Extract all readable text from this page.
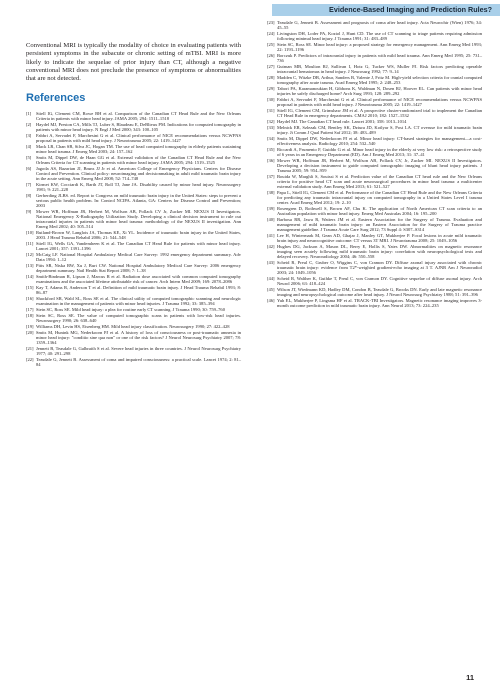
Evidence-Based Imaging and Prediction Rules?

Conventional MRI is typically the modality of choice in evaluating patients with persistent symptoms in the subacute or chronic setting of mTBI. MRI is more likely to indicate the sequelae of prior injury than CT, although a negative conventional MRI does not preclude the presence of symptoms or abnormalities that are not detected.

References
[1]	Stiell IG, Clement CM, Rowe BH et al. Comparison of the Canadian CT Head Rule and the New Orleans Criteria in patients with minor head injury. JAMA 2005; 294: 1511–1518
[2]	Haydel MJ, Preston CA, Mills TJ, Luber S, Blaudeau E, DeBlieux PM. Indications for computed tomography in patients with minor head injury. N Engl J Med 2000; 343: 100–105
[3]	Fabbri A, Servadei F, Marchesini G et al. Clinical performance of NICE recommendations versus NCWFNS proposal in patients with mild head injury. J Neurotrauma 2005; 22: 1419–1427
[4]	Mack LR, Chan SB, Silva JC, Hogan TM. The use of head computed tomography in elderly patients sustaining minor head trauma. J Emerg Med 2003; 24: 157–162
[5]	Smits M, Dippel DW, de Haan GG et al. External validation of the Canadian CT Head Rule and the New Orleans Criteria for CT scanning in patients with minor head injury. JAMA 2005; 294: 1519–1525
[6]	Jagoda AS, Bazarian JJ, Bruns JJ Jr et al. American College of Emergency Physicians. Centers for Disease Control and Prevention. Clinical policy: neuroimaging and decisionmaking in adult mild traumatic brain injury in the acute setting. Ann Emerg Med 2008; 52: 714–748
[7]	Kirmet KW, Cocciardi K, Barth JT, Roll TJ, Jane JA. Disability caused by minor head injury. Neurosurgery 1981; 9: 221–228
[8]	Gerberding JLBS. ed. Report to Congress on mild traumatic brain injury in the United States: steps to prevent a serious public health problem. In: Control NCIPA. Atlanta, GA: Centers for Disease Control and Prevention; 2003
[9]	Mower WR, Hoffman JR, Herbert M, Wolfson AB, Pollack CV Jr, Zucker MI. NEXUS II Investigators. National Emergency X-Radiography Utilization Study. Developing a clinical decision instrument to rule out intracranial injuries in patients with minor head trauma: methodology of the NEXUS II investigation. Ann Emerg Med 2002; 40: 505–514
[10] Rutland-Brown W, Langlois JA, Thomas KE, Xi YL. Incidence of traumatic brain injury in the United States, 2003. J Head Trauma Rehabil 2006; 21: 544–548
[11] Stiell IG, Wells GA, Vandemheen K et al. The Canadian CT Head Rule for patients with minor head injury. Lancet 2001; 357: 1391–1396
[12] McCaig LF. National Hospital Ambulatory Medical Care Survey: 1992 emergency department summary. Adv Data 1994: 1–12
[13] Pitts SR, Niska RW, Xu J, Burt CW. National Hospital Ambulatory Medical Care Survey: 2006 emergency department summary. Natl Health Stat Report 2008; 7: 1–38
[14] Smith-Bindman R, Lipson J, Marcus R et al. Radiation dose associated with common computed tomography examinations and the associated lifetime attributable risk of cancer. Arch Intern Med 2009; 169: 2078–2086
[15] Kay T, Adams R, Anderson T et al. Definition of mild traumatic brain injury. J Head Trauma Rehabil 1993; 8: 86–87
[16] Shackford SR, Wald SL, Ross SE et al. The clinical utility of computed tomographic scanning and neurologic examination in the management of patients with minor head injuries. J Trauma 1992; 33: 385–394
[17] Stein SC, Ross SE. Mild head injury: a plea for routine early CT scanning. J Trauma 1990; 30: 759–760
[18] Stein SC, Ross SE. The value of computed tomographic scans in patients with low-risk head injuries. Neurosurgery 1990; 26: 638–640
[19] Williams DH, Levin HS, Eisenberg HM. Mild head injury classification. Neurosurgery 1990; 27: 422–428
[20] Smits M, Hunink MG, Nederkoorn PJ et al. A history of loss of consciousness or post-traumatic amnesia in minor head injury: "conditio sine qua non" or one of the risk factors? J Neurol Neurosurg Psychiatry 2007; 78: 1359–1364
[21] Jennett B, Teasdale G, Galbraith S et al. Severe head injuries in three countries. J Neurol Neurosurg Psychiatry 1977; 40: 291–298
[22] Teasdale G, Jennett B. Assessment of coma and impaired consciousness: a practical scale. Lancet 1974; 2: 81–84
[23] Teasdale G, Jennett B. Assessment and prognosis of coma after head injury. Acta Neurochir (Wien) 1976; 34: 45–55
[24] Livingston DH, Loder PA, Koziol J, Hunt CD. The use of CT scanning to triage patients requiring admission following minimal head injury. J Trauma 1991; 31: 483–489
[25] Stein SC, Ross SE. Minor head injury: a proposed strategy for emergency management. Ann Emerg Med 1993; 22: 1193–1196
[26] Borczuk P. Predictors of intracranial injury in patients with mild head trauma. Ann Emerg Med 1995; 25: 731–736
[27] Gutman MB, Moulton RJ, Sullivan I, Hotz G, Tucker WS, Muller PJ. Risk factors predicting operable intracranial hematomas in head injury. J Neurosurg 1992; 77: 9–14
[28] Madden C, Witzke DB, Arthur, Sanders B, Valente J, Fritz M. High-yield selection criteria for cranial computed tomography after acute trauma. Acad Emerg Med 1995; 2: 248–253
[29] Tabori PA, Karamanoukian H, Gibbons K, Waldman N, Dosen RJ, Hoover EL. Can patients with minor head injuries be safely discharged home? Arch Surg 1993; 128: 289–292
[30] Fabbri A, Servadei F, Marchesini G et al. Clinical performance of NICE recommendations versus NCWFNS proposal in patients with mild head injury. J Neurotrauma 2005; 22: 1419–1427
[31] Stiell IG, Clement CM, Grimshaw JM et al. A prospective cluster-randomized trial to implement the Canadian CT Head Rule in emergency departments. CMAJ 2010; 182: 1527–1532
[32] Haydel MJ. The Canadian CT head rule. Lancet 2001; 358: 1013–1014
[33] Melnick ER, Szlezak CM, Bentley SK, Dziura JD, Kotlyar S, Post LA. CT overuse for mild traumatic brain injury. Jt Comm J Qual Patient Saf 2012; 38: 483–489
[34] Smits M, Dippel DW, Nederkoorn PJ et al. Minor head injury: CT-based strategies for management—a cost-effectiveness analysis. Radiology 2010; 254: 532–540
[35] Riccardi A, Frumento F, Guiddo G et al. Minor head injury in the elderly at very low risk: a retrospective study of 6 years in an Emergency Department (ED). Am J Emerg Med 2013; 31: 37–41
[36] Mower WR, Hoffman JR, Herbert M, Wolfson AB, Pollack CV, Jr, Zucker MI. NEXUS II Investigators. Developing a decision instrument to guide computed tomographic imaging of blunt head injury patients. J Trauma 2005; 59: 954–959
[37] Bouida W, Marghli S, Souissi S et al. Prediction value of the Canadian CT head rule and the New Orleans criteria for positive head CT scan and acute neurosurgical procedures in minor head trauma: a multicenter external validation study. Ann Emerg Med 2013; 61: 521–527
[38] Papa L, Stiell IG, Clement CM et al. Performance of the Canadian CT Head Rule and the New Orleans Criteria for predicting any traumatic intracranial injury on computed tomography in a United States Level I trauma center. Acad Emerg Med 2012; 19: 2–10
[39] Rosengren D, Rothwell S, Brown AF, Chu K. The application of North American CT scan criteria to an Australian population with minor head injury. Emerg Med Australas 2004; 16: 195–200
[40] Barbosa RR, Jawa R, Watters JM et al. Eastern Association for the Surgery of Trauma. Evaluation and management of mild traumatic brain injury: an Eastern Association for the Surgery of Trauma practice management guideline. J Trauma Acute Care Surg 2012; 73 Suppl 4: S307–S314
[41] Lee H, Wintermark M, Gean AD, Ghajar J, Manley GT, Mukherjee P. Focal lesions in acute mild traumatic brain injury and neurocognitive outcome: CT versus 3T MRI. J Neurotrauma 2008; 25: 1049–1056
[42] Hughes DG, Jackson A, Mason DL, Berry E, Hollis S, Yates DW. Abnormalities on magnetic resonance imaging seen acutely following mild traumatic brain injury: correlation with neuropsychological tests and delayed recovery. Neuroradiology 2004; 46: 550–558
[43] Scheid R, Preul C, Gruber O, Wiggins C, von Cramon DY. Diffuse axonal injury associated with chronic traumatic brain injury: evidence from T2*-weighted gradient-echo imaging at 3 T. AJNR Am J Neuroradiol 2003; 24: 1049–1056
[44] Scheid R, Walther K, Guthke T, Preul C, von Cramon DY. Cognitive sequelae of diffuse axonal injury. Arch Neurol 2006; 63: 418–424
[45] Wilson JT, Wiedmann KD, Hadley DM, Condon B, Teasdale G, Brooks DN. Early and late magnetic resonance imaging and neuropsychological outcome after head injury. J Neurol Neurosurg Psychiatry 1988; 51: 391–396
[46] Yuh EL, Mukherjee P, Lingsma HF et al. TRACK-TBI Investigators. Magnetic resonance imaging improves 3-month outcome prediction in mild traumatic brain injury. Ann Neurol 2013; 73: 224–235
11
